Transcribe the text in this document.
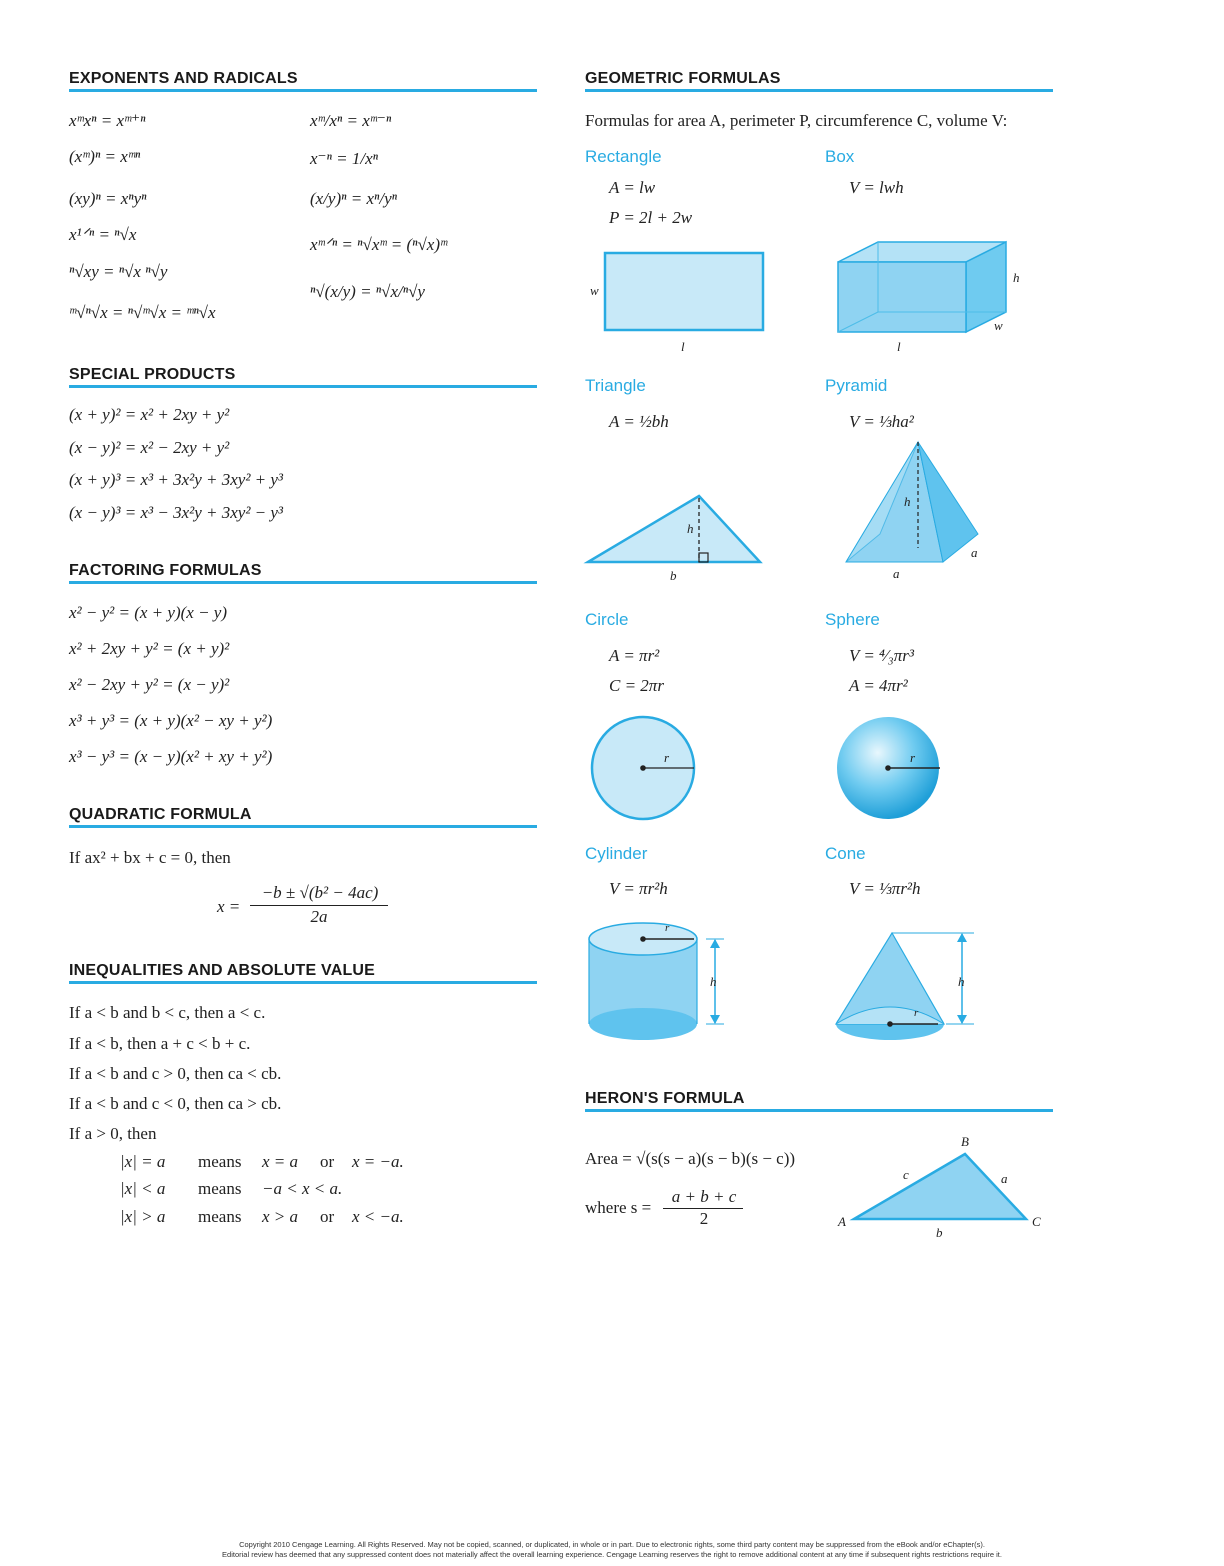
EXPONENTS AND RADICALS
xᵐxⁿ = xᵐ⁺ⁿ
(xᵐ)ⁿ = xᵐⁿ
(xy)ⁿ = xⁿyⁿ
x¹ᐟⁿ = ⁿ√x
ⁿ√xy = ⁿ√x ⁿ√y
ᵐ√ⁿ√x = ⁿ√ᵐ√x = ᵐⁿ√x
xᵐ/xⁿ = xᵐ⁻ⁿ
x⁻ⁿ = 1/xⁿ
(x/y)ⁿ = xⁿ/yⁿ
xᵐᐟⁿ = ⁿ√xᵐ = (ⁿ√x)ᵐ
ⁿ√(x/y) = ⁿ√x/ⁿ√y
SPECIAL PRODUCTS
(x + y)² = x² + 2xy + y²
(x − y)² = x² − 2xy + y²
(x + y)³ = x³ + 3x²y + 3xy² + y³
(x − y)³ = x³ − 3x²y + 3xy² − y³
FACTORING FORMULAS
x² − y² = (x + y)(x − y)
x² + 2xy + y² = (x + y)²
x² − 2xy + y² = (x − y)²
x³ + y³ = (x + y)(x² − xy + y²)
x³ − y³ = (x − y)(x² + xy + y²)
QUADRATIC FORMULA
If ax² + bx + c = 0, then
x =
−b ± √(b² − 4ac)
2a
INEQUALITIES AND ABSOLUTE VALUE
If a < b and b < c, then a < c.
If a < b, then a + c < b + c.
If a < b and c > 0, then ca < cb.
If a < b and c < 0, then ca > cb.
If a > 0, then
|x| = a means x = a or x = −a.
|x| < a means −a < x < a.
|x| > a means x > a or x < −a.
GEOMETRIC FORMULAS
Formulas for area A, perimeter P, circumference C, volume V:
Rectangle
A = lw
P = 2l + 2w
w
l
Box
V = lwh
h
w
l
Triangle
A = ½bh
h
b
Pyramid
V = ⅓ha²
h
a
a
Circle
A = πr²
C = 2πr
r
Sphere
V = ⁴⁄₃πr³
A = 4πr²
r
Cylinder
V = πr²h
r
h
Cone
V = ⅓πr²h
r
h
HERON'S FORMULA
Area = √(s(s − a)(s − b)(s − c))
where s =
a + b + c
2	A
B
C
a
b
c
Copyright 2010 Cengage Learning. All Rights Reserved. May not be copied, scanned, or duplicated, in whole or in part. Due to electronic rights, some third party content may be suppressed from the eBook and/or eChapter(s).
Editorial review has deemed that any suppressed content does not materially affect the overall learning experience. Cengage Learning reserves the right to remove additional content at any time if subsequent rights restrictions require it.
